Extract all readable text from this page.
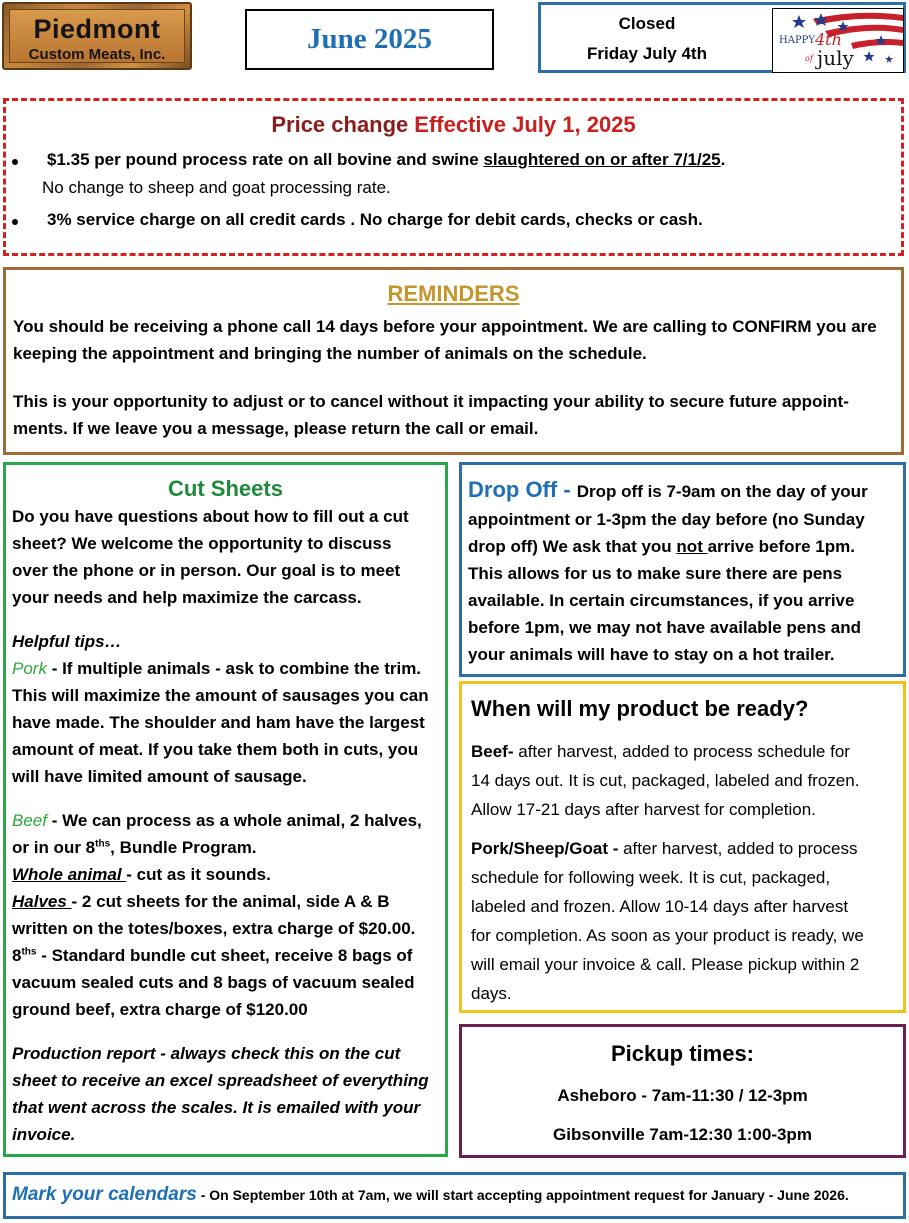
Piedmont
Custom Meats, Inc.	June 2025	Closed
Friday July 4th
HAPPY 4th
of july
Price change Effective July 1, 2025
$1.35 per pound process rate on all bovine and swine slaughtered on or after 7/1/25.
No change to sheep and goat processing rate.
3% service charge on all credit cards . No charge for debit cards, checks or cash.
REMINDERS
You should be receiving a phone call 14 days before your appointment. We are calling to CONFIRM you are keeping the appointment and bringing the number of animals on the schedule.
This is your opportunity to adjust or to cancel without it impacting your ability to secure future appoint-ments. If we leave you a message, please return the call or email.
Cut Sheets
Do you have questions about how to fill out a cut
sheet? We welcome the opportunity to discuss
over the phone or in person. Our goal is to meet
your needs and help maximize the carcass.
Helpful tips…
Pork - If multiple animals - ask to combine the trim.
This will maximize the amount of sausages you can
have made. The shoulder and ham have the largest
amount of meat. If you take them both in cuts, you
will have limited amount of sausage.
Beef - We can process as a whole animal, 2 halves,
or in our $8^{ths}$, Bundle Program.
Whole animal - cut as it sounds.
Halves - 2 cut sheets for the animal, side A & B
written on the totes/boxes, extra charge of $20.00.
$8^{ths}$ - Standard bundle cut sheet, receive 8 bags of
vacuum sealed cuts and 8 bags of vacuum sealed
ground beef, extra charge of $120.00
Production report - always check this on the cut
sheet to receive an excel spreadsheet of everything
that went across the scales. It is emailed with your
invoice.
Drop Off - Drop off is 7-9am on the day of your
appointment or 1-3pm the day before (no Sunday
drop off) We ask that you not arrive before 1pm.
This allows for us to make sure there are pens
available. In certain circumstances, if you arrive
before 1pm, we may not have available pens and
your animals will have to stay on a hot trailer.
When will my product be ready?
Beef- after harvest, added to process schedule for
14 days out. It is cut, packaged, labeled and frozen.
Allow 17-21 days after harvest for completion.
Pork/Sheep/Goat - after harvest, added to process
schedule for following week. It is cut, packaged,
labeled and frozen. Allow 10-14 days after harvest
for completion. As soon as your product is ready, we
will email your invoice & call. Please pickup within 2
days.
Pickup times:
Asheboro - 7am-11:30 / 12-3pm
Gibsonville 7am-12:30 1:00-3pm
Mark your calendars - On September 10th at 7am, we will start accepting appointment request for January - June 2026.
